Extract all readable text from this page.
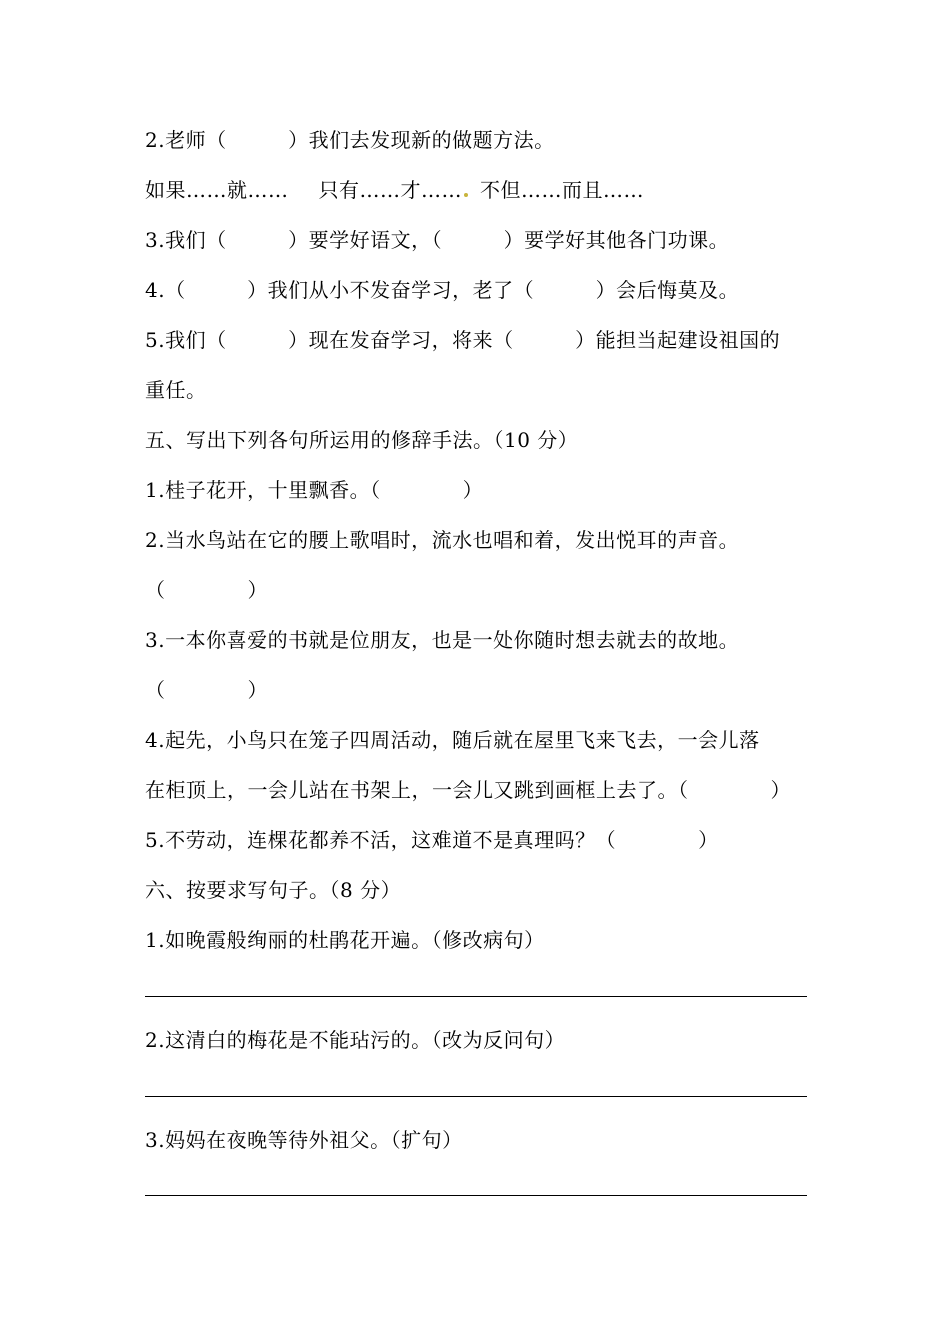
2.老师（　　　）我们去发现新的做题方法。
如果……就…… 只有……才…… 不但……而且……
3.我们（　　　）要学好语文，（　　　）要学好其他各门功课。
4.（　　　）我们从小不发奋学习，老了（　　　）会后悔莫及。
5.我们（　　　）现在发奋学习，将来（　　　）能担当起建设祖国的
重任。
五、写出下列各句所运用的修辞手法。（10 分）
1.桂子花开，十里飘香。（　　　　）
2.当水鸟站在它的腰上歌唱时，流水也唱和着，发出悦耳的声音。
（　　　　）
3.一本你喜爱的书就是位朋友，也是一处你随时想去就去的故地。
（　　　　）
4.起先，小鸟只在笼子四周活动，随后就在屋里飞来飞去，一会儿落
在柜顶上，一会儿站在书架上，一会儿又跳到画框上去了。（　　　　）
5.不劳动，连棵花都养不活，这难道不是真理吗？（　　　　）
六、按要求写句子。（8 分）
1.如晚霞般绚丽的杜鹃花开遍。（修改病句）
2.这清白的梅花是不能玷污的。（改为反问句）
3.妈妈在夜晚等待外祖父。（扩句）
